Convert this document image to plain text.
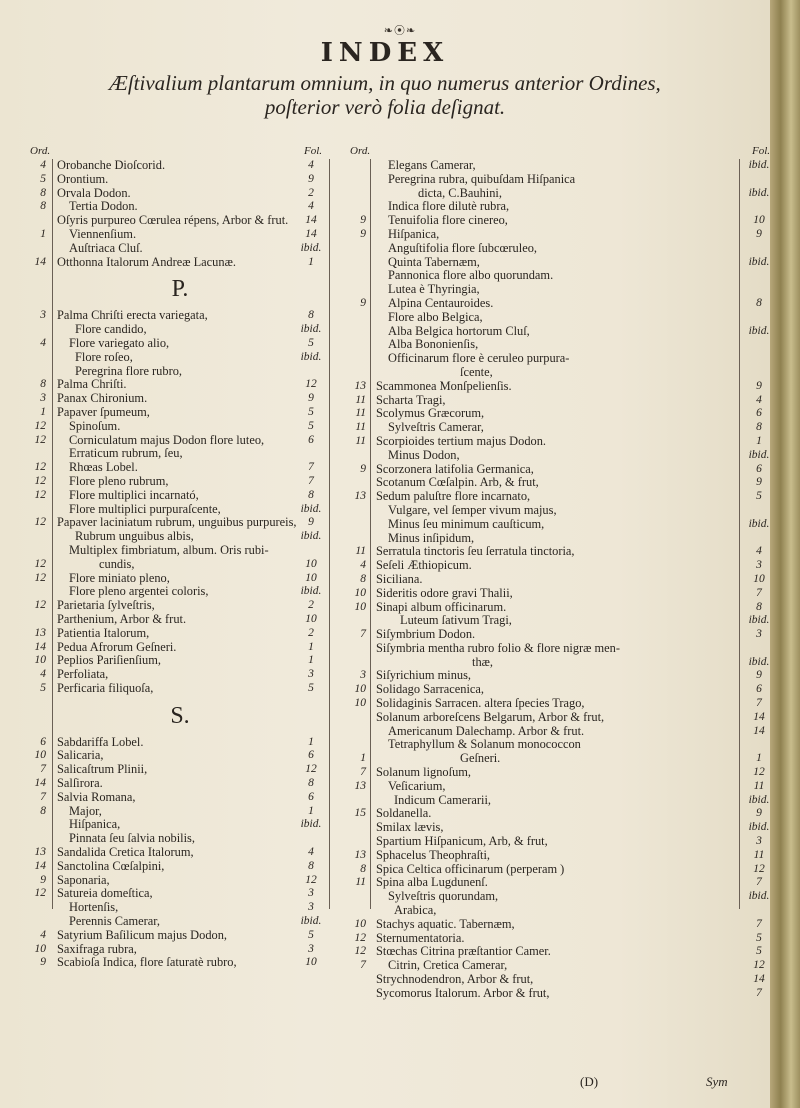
❧⦿❧
INDEX
Æſtivalium plantarum omnium, in quo numerus anterior Ordines,
poſterior verò folia deſignat.
Ord.	Fol.
4 Orobanche Dioſcorid.	4
5 Orontium.	9
8 Orvala Dodon.	2
8 Tertia Dodon.	4
Oſyris purpureo Cœrulea répens, Arbor & frut.	14
1 Viennenſium.	14
Auſtriaca Cluſ.	ibid.
14 Otthonna Italorum Andreæ Lacunæ.	1
P.
3 Palma Chriſti erecta variegata,	8
Flore candido,	ibid.
4 Flore variegato alio,	5
Flore roſeo,	ibid.
Peregrina flore rubro,
8 Palma Chriſti.	12
3 Panax Chironium.	9
1 Papaver ſpumeum,	5
12 Spinoſum.	5
12 Corniculatum majus Dodon flore luteo,	6
Erraticum rubrum, ſeu,
12 Rhœas Lobel.	7
12 Flore pleno rubrum,	7
12 Flore multiplici incarnató,	8
Flore multiplici purpuraſcente,	ibid.
12 Papaver laciniatum rubrum, unguibus purpureis,	9
Rubrum unguibus albis,	ibid.
Multiplex fimbriatum, album. Oris rubi-
12	cundis,	10
12 Flore miniato pleno,	10
Flore pleno argentei coloris,	ibid.
12 Parietaria ſylveſtris,	2
Parthenium, Arbor & frut.	10
13 Patientia Italorum,	2
14 Pedua Afrorum Geſneri.	1
10 Peplios Pariſienſium,	1
4 Perfoliata,	3
5 Perficaria filiquoſa,	5
S.
6 Sabdariffa Lobel.	1
10 Salicaria,	6
7 Salicaſtrum Plinii,	12
14 Salſirora.	8
7 Salvia Romana,	6
8 Major,	1
Hiſpanica,	ibid.
Pinnata ſeu ſalvia nobilis,
13 Sandalida Cretica Italorum,	4
14 Sanctolina Cœſalpini,	8
9 Saponaria,	12
12 Satureia domeſtica,	3
Hortenſis,	3
Perennis Camerar,	ibid.
4 Satyrium Baſilicum majus Dodon,	5
10 Saxifraga rubra,	3
9 Scabioſa Indica, flore ſaturatè rubro,	10
Ord.	Fol.
Elegans Camerar,	ibid.
Peregrina rubra, quibuſdam Hiſpanica
dicta, C.Bauhini,	ibid.
Indica flore dilutè rubra,
9 Tenuifolia flore cinereo,	10
9 Hiſpanica,	9
Anguſtifolia flore ſubcœruleo,
Quinta Tabernæm,	ibid.
Pannonica flore albo quorundam.
Lutea è Thyringia,
9 Alpina Centauroides.	8
Flore albo Belgica,
Alba Belgica hortorum Cluſ,	ibid.
Alba Bononienſis,
Officinarum flore è ceruleo purpura-
ſcente,
13 Scammonea Monſpelienſis.	9
11 Scharta Tragi,	4
11 Scolymus Græcorum,	6
11 Sylveſtris Camerar,	8
11 Scorpioides tertium majus Dodon.	1
Minus Dodon,	ibid.
9 Scorzonera latifolia Germanica,	6
Scotanum Cœſalpin. Arb, & frut,	9
13 Sedum paluſtre flore incarnato,	5
Vulgare, vel ſemper vivum majus,
Minus ſeu minimum cauſticum,	ibid.
Minus inſipidum,
11 Serratula tinctoris ſeu ſerratula tinctoria,	4
4 Seſeli Æthiopicum.	3
8 Siciliana.	10
10 Sideritis odore gravi Thalii,	7
10 Sinapi album officinarum.	8
Luteum ſativum Tragi,	ibid.
7 Siſymbrium Dodon.	3
Siſymbria mentha rubro folio & flore nigræ men-
thæ,	ibid.
3 Siſyrichium minus,	9
10 Solidago Sarracenica,	6
10 Solidaginis Sarracen. altera ſpecies Trago,	7
Solanum arboreſcens Belgarum, Arbor & frut,	14
Americanum Dalechamp. Arbor & frut.	14
Tetraphyllum & Solanum monococcon
1	Geſneri.	1
7 Solanum lignoſum,	12
13 Veſicarium,	11
Indicum Camerarii,	ibid.
15 Soldanella.	9
Smilax lævis,	ibid.
Spartium Hiſpanicum, Arb, & frut,	3
13 Sphacelus Theophraſti,	11
8 Spica Celtica officinarum (perperam )	12
11 Spina alba Lugdunenſ.	7
Sylveſtris quorundam,	ibid.
Arabica,
10 Stachys aquatic. Tabernæm,	7
12 Sternumentatoria.	5
12 Stœchas Citrina præſtantior Camer.	5
7 Citrin, Cretica Camerar,	12
Strychnodendron, Arbor & frut,	14
Sycomorus Italorum. Arbor & frut,	7
(D)	Sym
